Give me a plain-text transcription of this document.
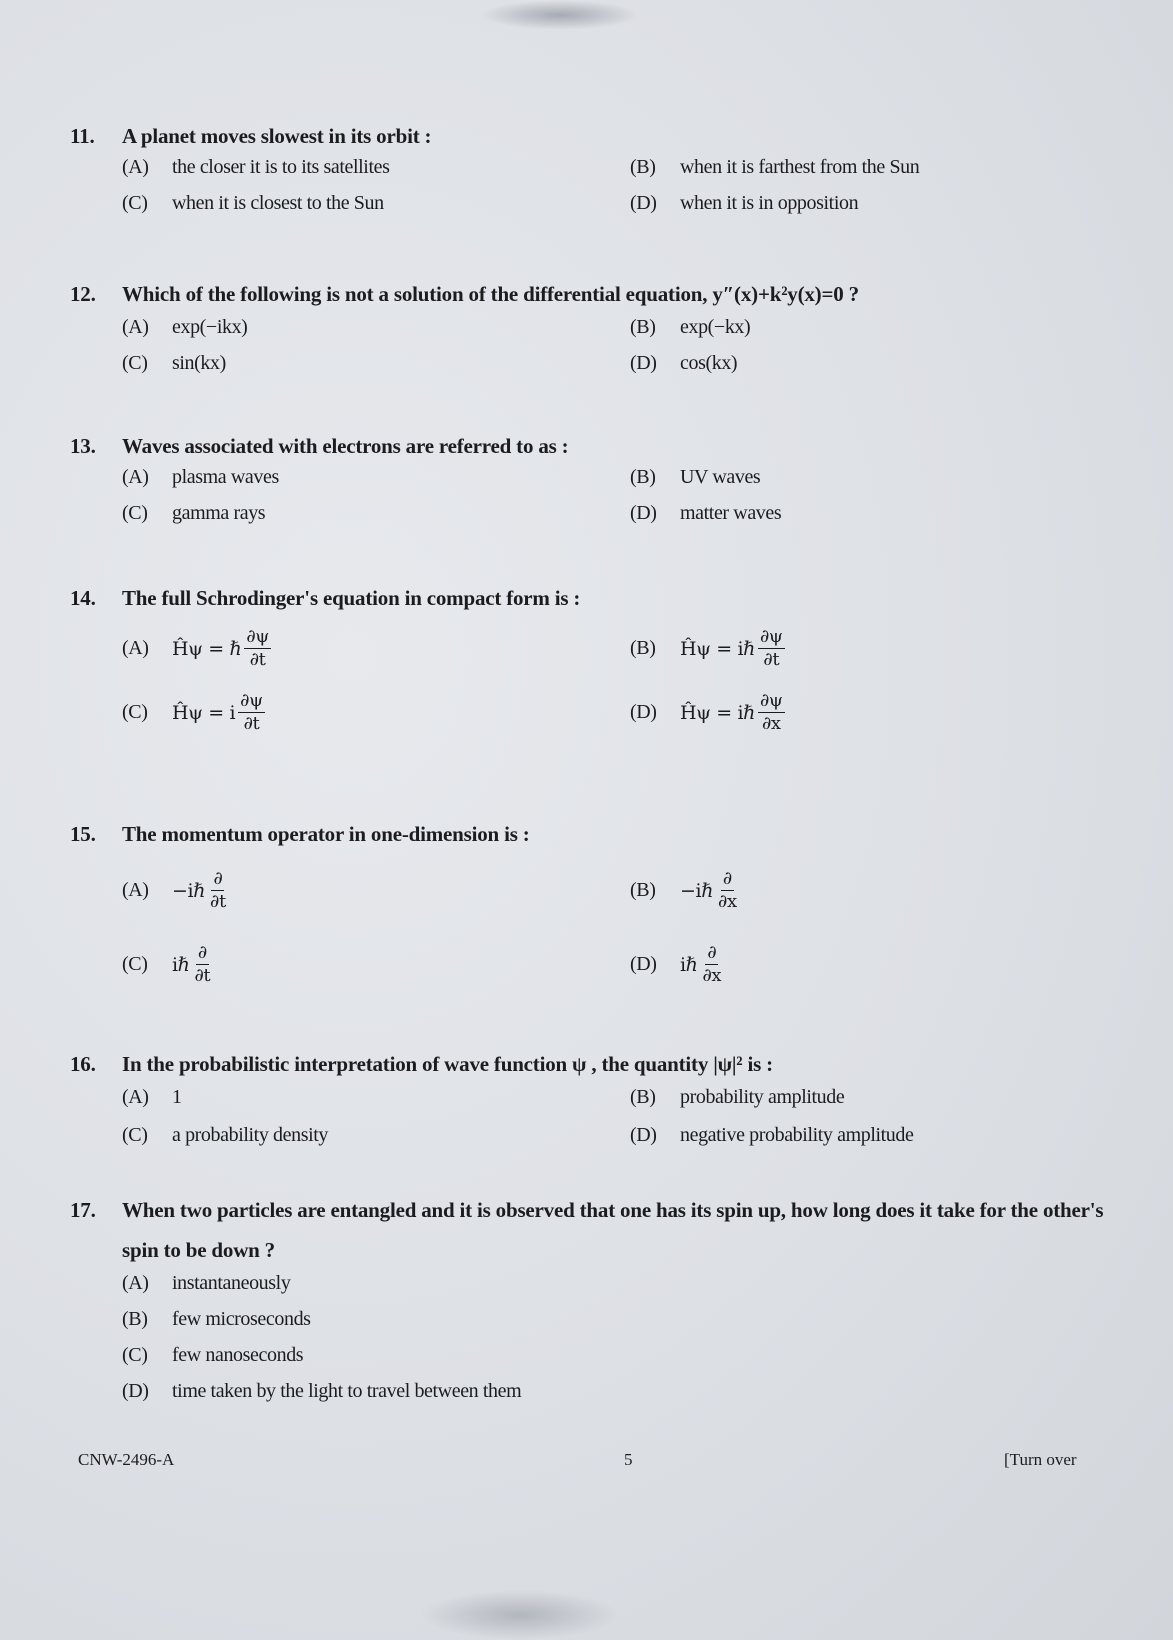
11.	A planet moves slowest in its orbit :
(A)	the closer it is to its satellites	(B)	when it is farthest from the Sun
(C)	when it is closest to the Sun	(D)	when it is in opposition
12.	Which of the following is not a solution of the differential equation, y″(x)+k²y(x)=0 ?
(A)	exp(−ikx)	(B)	exp(−kx)
(C)	sin(kx)	(D)	cos(kx)
13.	Waves associated with electrons are referred to as :
(A)	plasma waves	(B)	UV waves
(C)	gamma rays	(D)	matter waves
14.	The full Schrodinger's equation in compact form is :
(A)	Ĥψ = ℏ $\frac{\partial\psi}{\partial t}$	(B)	Ĥψ = iℏ $\frac{\partial\psi}{\partial t}$
(C)	Ĥψ = i $\frac{\partial\psi}{\partial t}$	(D)	Ĥψ = iℏ $\frac{\partial\psi}{\partial x}$
15.	The momentum operator in one-dimension is :
(A)	−iℏ $\frac{\partial}{\partial t}$	(B)	−iℏ $\frac{\partial}{\partial x}$
(C)	iℏ $\frac{\partial}{\partial t}$	(D)	iℏ $\frac{\partial}{\partial x}$
16.	In the probabilistic interpretation of wave function ψ , the quantity |ψ|² is :
(A)	1	(B)	probability amplitude
(C)	a probability density	(D)	negative probability amplitude
17.	When two particles are entangled and it is observed that one has its spin up, how long does it take for the other's spin to be down ?
(A)	instantaneously
(B)	few microseconds
(C)	few nanoseconds
(D)	time taken by the light to travel between them
CNW-2496-A	5	[Turn over
